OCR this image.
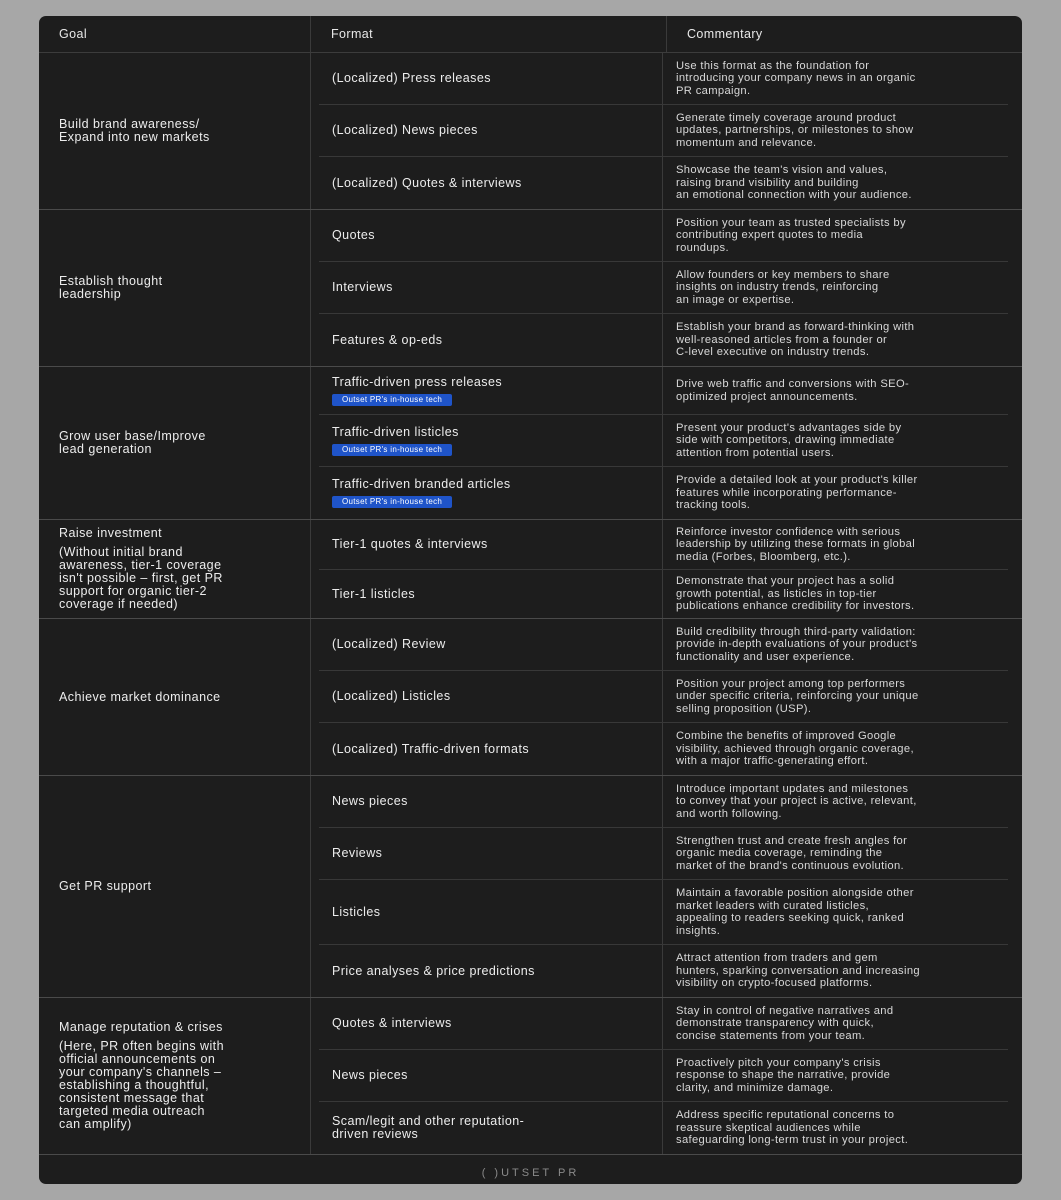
Goal	Format	Commentary
Build brand awareness/
Expand into new markets
(Localized) Press releases
Use this format as the foundation for
introducing your company news in an organic
PR campaign.
(Localized) News pieces
Generate timely coverage around product
updates, partnerships, or milestones to show
momentum and relevance.
(Localized) Quotes & interviews
Showcase the team's vision and values,
raising brand visibility and building
an emotional connection with your audience.
Establish thought
leadership
Quotes
Position your team as trusted specialists by
contributing expert quotes to media
roundups.
Interviews
Allow founders or key members to share
insights on industry trends, reinforcing
an image or expertise.
Features & op-eds
Establish your brand as forward-thinking with
well-reasoned articles from a founder or
C-level executive on industry trends.
Grow user base/Improve
lead generation
Traffic-driven press releases
Outset PR's in-house tech
Drive web traffic and conversions with SEO-
optimized project announcements.
Traffic-driven listicles
Outset PR's in-house tech
Present your product's advantages side by
side with competitors, drawing immediate
attention from potential users.
Traffic-driven branded articles
Outset PR's in-house tech
Provide a detailed look at your product's killer
features while incorporating performance-
tracking tools.
Raise investment
(Without initial brand
awareness, tier-1 coverage
isn't possible – first, get PR
support for organic tier-2
coverage if needed)
Tier-1 quotes & interviews
Reinforce investor confidence with serious
leadership by utilizing these formats in global
media (Forbes, Bloomberg, etc.).
Tier-1 listicles
Demonstrate that your project has a solid
growth potential, as listicles in top-tier
publications enhance credibility for investors.
Achieve market dominance
(Localized) Review
Build credibility through third-party validation:
provide in-depth evaluations of your product's
functionality and user experience.
(Localized) Listicles
Position your project among top performers
under specific criteria, reinforcing your unique
selling proposition (USP).
(Localized) Traffic-driven formats
Combine the benefits of improved Google
visibility, achieved through organic coverage,
with a major traffic-generating effort.
Get PR support
News pieces
Introduce important updates and milestones
to convey that your project is active, relevant,
and worth following.
Reviews
Strengthen trust and create fresh angles for
organic media coverage, reminding the
market of the brand's continuous evolution.
Listicles
Maintain a favorable position alongside other
market leaders with curated listicles,
appealing to readers seeking quick, ranked
insights.
Price analyses & price predictions
Attract attention from traders and gem
hunters, sparking conversation and increasing
visibility on crypto-focused platforms.
Manage reputation & crises
(Here, PR often begins with
official announcements on
your company's channels –
establishing a thoughtful,
consistent message that
targeted media outreach
can amplify)
Quotes & interviews
Stay in control of negative narratives and
demonstrate transparency with quick,
concise statements from your team.
News pieces
Proactively pitch your company's crisis
response to shape the narrative, provide
clarity, and minimize damage.
Scam/legit and other reputation-
driven reviews
Address specific reputational concerns to
reassure skeptical audiences while
safeguarding long-term trust in your project.
( )UTSET PR
